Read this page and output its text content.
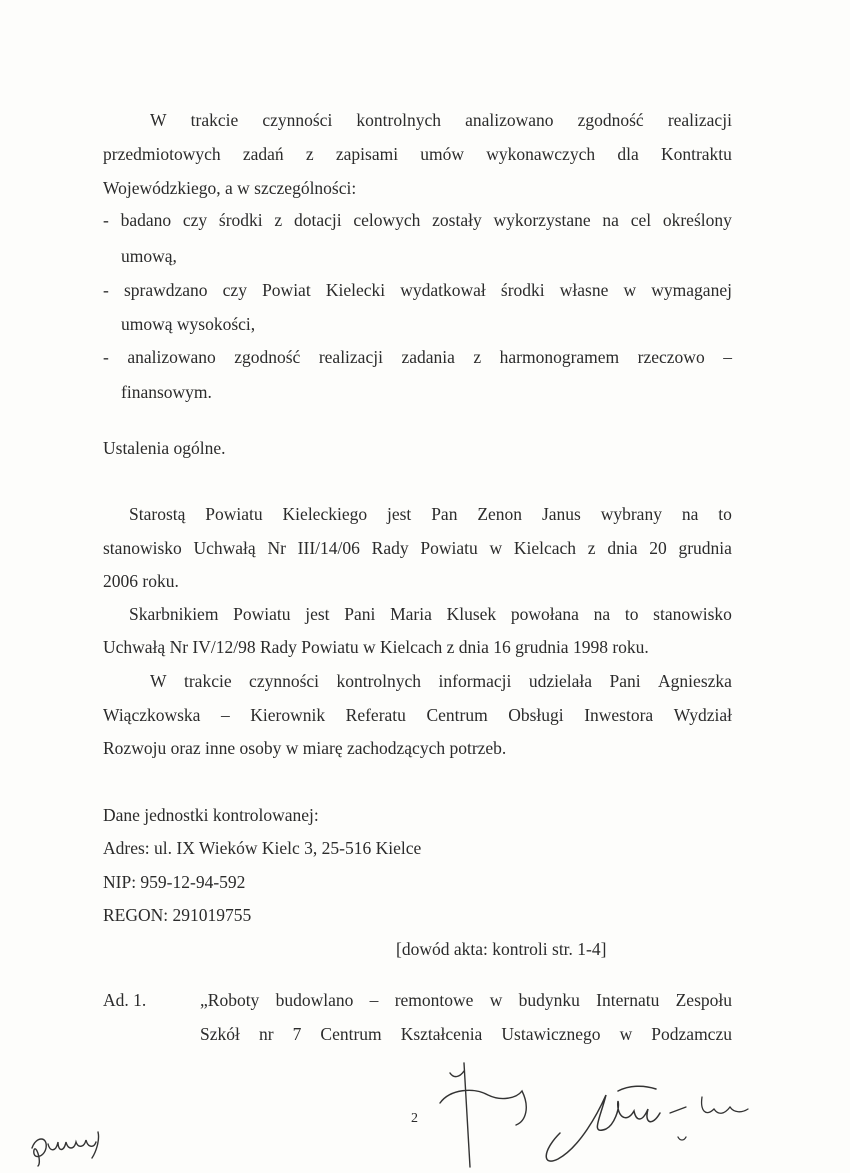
W trakcie czynności kontrolnych analizowano zgodność realizacji
przedmiotowych zadań z zapisami umów wykonawczych dla Kontraktu
Wojewódzkiego, a w szczególności:
- badano czy środki z dotacji celowych zostały wykorzystane na cel określony
umową,
- sprawdzano czy Powiat Kielecki wydatkował środki własne w wymaganej
umową wysokości,
- analizowano zgodność realizacji zadania z harmonogramem rzeczowo –
finansowym.
Ustalenia ogólne.
Starostą Powiatu Kieleckiego jest Pan Zenon Janus wybrany na to
stanowisko Uchwałą Nr III/14/06 Rady Powiatu w Kielcach z dnia 20 grudnia
2006 roku.
Skarbnikiem Powiatu jest Pani Maria Klusek powołana na to stanowisko
Uchwałą Nr IV/12/98 Rady Powiatu w Kielcach z dnia 16 grudnia 1998 roku.
W trakcie czynności kontrolnych informacji udzielała Pani Agnieszka
Wiączkowska – Kierownik Referatu Centrum Obsługi Inwestora Wydział
Rozwoju oraz inne osoby w miarę zachodzących potrzeb.
Dane jednostki kontrolowanej:
Adres: ul. IX Wieków Kielc 3, 25-516 Kielce
NIP: 959-12-94-592
REGON: 291019755
[dowód akta: kontroli str. 1-4]
Ad. 1.	„Roboty budowlano – remontowe w budynku Internatu Zespołu
Szkół nr 7 Centrum Kształcenia Ustawicznego w Podzamczu
2
